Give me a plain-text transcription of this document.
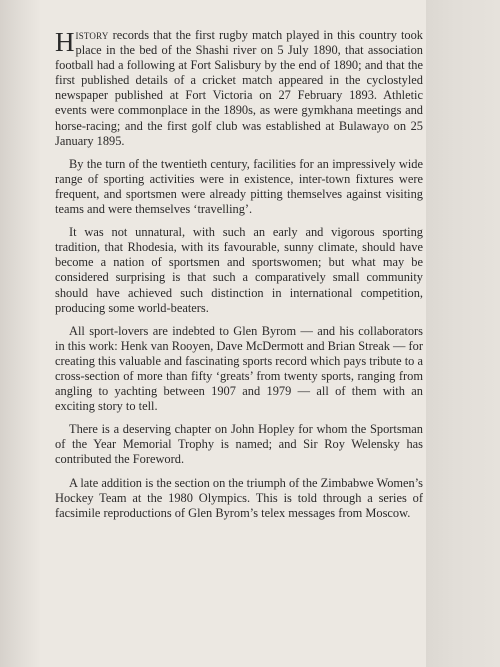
History records that the first rugby match played in this country took place in the bed of the Shashi river on 5 July 1890, that association football had a following at Fort Salisbury by the end of 1890; and that the first published details of a cricket match appeared in the cyclostyled newspaper published at Fort Victoria on 27 February 1893. Athletic events were commonplace in the 1890s, as were gymkhana meetings and horse-racing; and the first golf club was established at Bulawayo on 25 January 1895.

By the turn of the twentieth century, facilities for an impressively wide range of sporting activities were in existence, inter-town fixtures were frequent, and sportsmen were already pitting themselves against visiting teams and were themselves ‘travelling’.

It was not unnatural, with such an early and vigorous sporting tradition, that Rhodesia, with its favourable, sunny climate, should have become a nation of sportsmen and sportswomen; but what may be considered surprising is that such a comparatively small community should have achieved such distinction in international competition, producing some world-beaters.

All sport-lovers are indebted to Glen Byrom — and his collaborators in this work: Henk van Rooyen, Dave McDermott and Brian Streak — for creating this valuable and fascinating sports record which pays tribute to a cross-section of more than fifty ‘greats’ from twenty sports, ranging from angling to yachting between 1907 and 1979 — all of them with an exciting story to tell.

There is a deserving chapter on John Hopley for whom the Sportsman of the Year Memorial Trophy is named; and Sir Roy Welensky has contributed the Foreword.

A late addition is the section on the triumph of the Zimbabwe Women’s Hockey Team at the 1980 Olympics. This is told through a series of facsimile reproductions of Glen Byrom’s telex messages from Moscow.
